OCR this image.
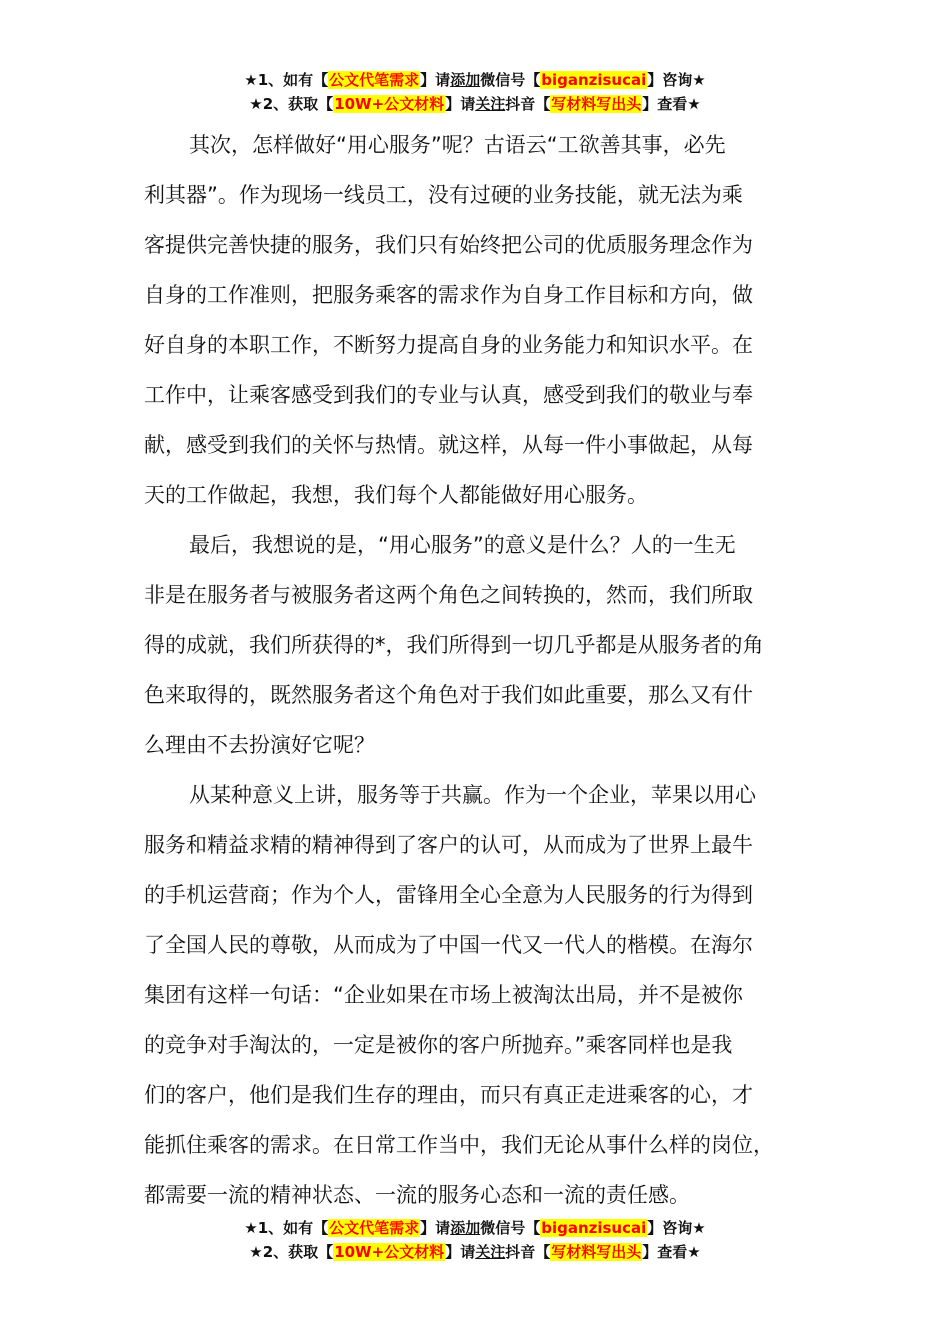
★1、如有【公文代笔需求】请添加微信号【biganzisucai】咨询★
★2、获取【10W+公文材料】请关注抖音【写材料写出头】查看★

其次，怎样做好“用心服务”呢？古语云“工欲善其事，必先
利其器”。作为现场一线员工，没有过硬的业务技能，就无法为乘
客提供完善快捷的服务，我们只有始终把公司的优质服务理念作为
自身的工作准则，把服务乘客的需求作为自身工作目标和方向，做
好自身的本职工作，不断努力提高自身的业务能力和知识水平。在
工作中，让乘客感受到我们的专业与认真，感受到我们的敬业与奉
献，感受到我们的关怀与热情。就这样，从每一件小事做起，从每
天的工作做起，我想，我们每个人都能做好用心服务。

最后，我想说的是，“用心服务”的意义是什么？人的一生无
非是在服务者与被服务者这两个角色之间转换的，然而，我们所取
得的成就，我们所获得的*，我们所得到一切几乎都是从服务者的角
色来取得的，既然服务者这个角色对于我们如此重要，那么又有什
么理由不去扮演好它呢？

从某种意义上讲，服务等于共赢。作为一个企业，苹果以用心
服务和精益求精的精神得到了客户的认可，从而成为了世界上最牛
的手机运营商；作为个人，雷锋用全心全意为人民服务的行为得到
了全国人民的尊敬，从而成为了中国一代又一代人的楷模。在海尔
集团有这样一句话：“企业如果在市场上被淘汰出局，并不是被你
的竞争对手淘汰的，一定是被你的客户所抛弃。”乘客同样也是我
们的客户，他们是我们生存的理由，而只有真正走进乘客的心，才
能抓住乘客的需求。在日常工作当中，我们无论从事什么样的岗位，
都需要一流的精神状态、一流的服务心态和一流的责任感。

★1、如有【公文代笔需求】请添加微信号【biganzisucai】咨询★
★2、获取【10W+公文材料】请关注抖音【写材料写出头】查看★
